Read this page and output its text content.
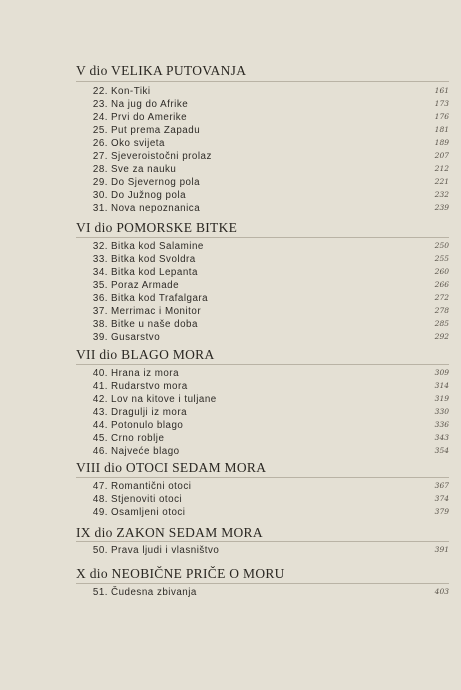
V dio VELIKA PUTOVANJA
22. Kon-Tiki	161
23. Na jug do Afrike	173
24. Prvi do Amerike	176
25. Put prema Zapadu	181
26. Oko svijeta	189
27. Sjeveroistočni prolaz	207
28. Sve za nauku	212
29. Do Sjevernog pola	221
30. Do Južnog pola	232
31. Nova nepoznanica	239
VI dio POMORSKE BITKE
32. Bitka kod Salamine	250
33. Bitka kod Svoldra	255
34. Bitka kod Lepanta	260
35. Poraz Armade	266
36. Bitka kod Trafalgara	272
37. Merrimac i Monitor	278
38. Bitke u naše doba	285
39. Gusarstvo	292
VII dio BLAGO MORA
40. Hrana iz mora	309
41. Rudarstvo mora	314
42. Lov na kitove i tuljane	319
43. Dragulji iz mora	330
44. Potonulo blago	336
45. Crno roblje	343
46. Najveće blago	354
VIII dio OTOCI SEDAM MORA
47. Romantični otoci	367
48. Stjenoviti otoci	374
49. Osamljeni otoci	379
IX dio ZAKON SEDAM MORA
50. Prava ljudi i vlasništvo	391
X dio NEOBIČNE PRIČE O MORU
51. Čudesna zbivanja	403
